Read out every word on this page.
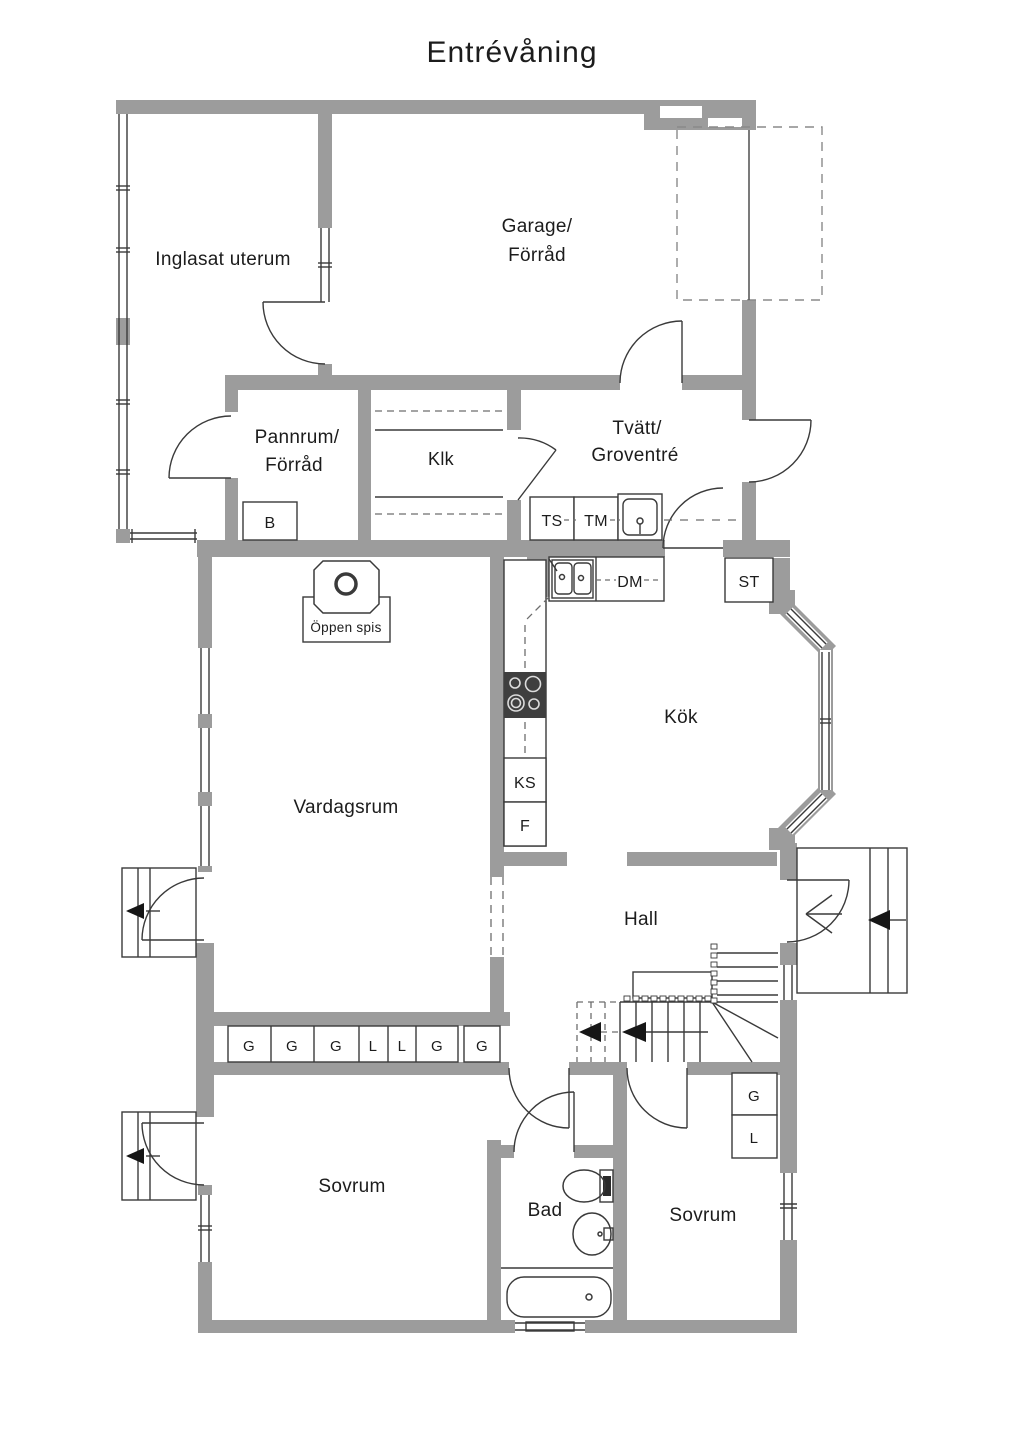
Entrévåning
Inglasat uterum
Garage/
Förråd
Pannrum/
Förråd	Klk
Tvätt/
Groventré
B	TS TM
DM	ST
Öppen spis
KS
F
Kök
Vardagsrum
Hall
G G G L L G G
G
L
Sovrum
Bad	Sovrum
